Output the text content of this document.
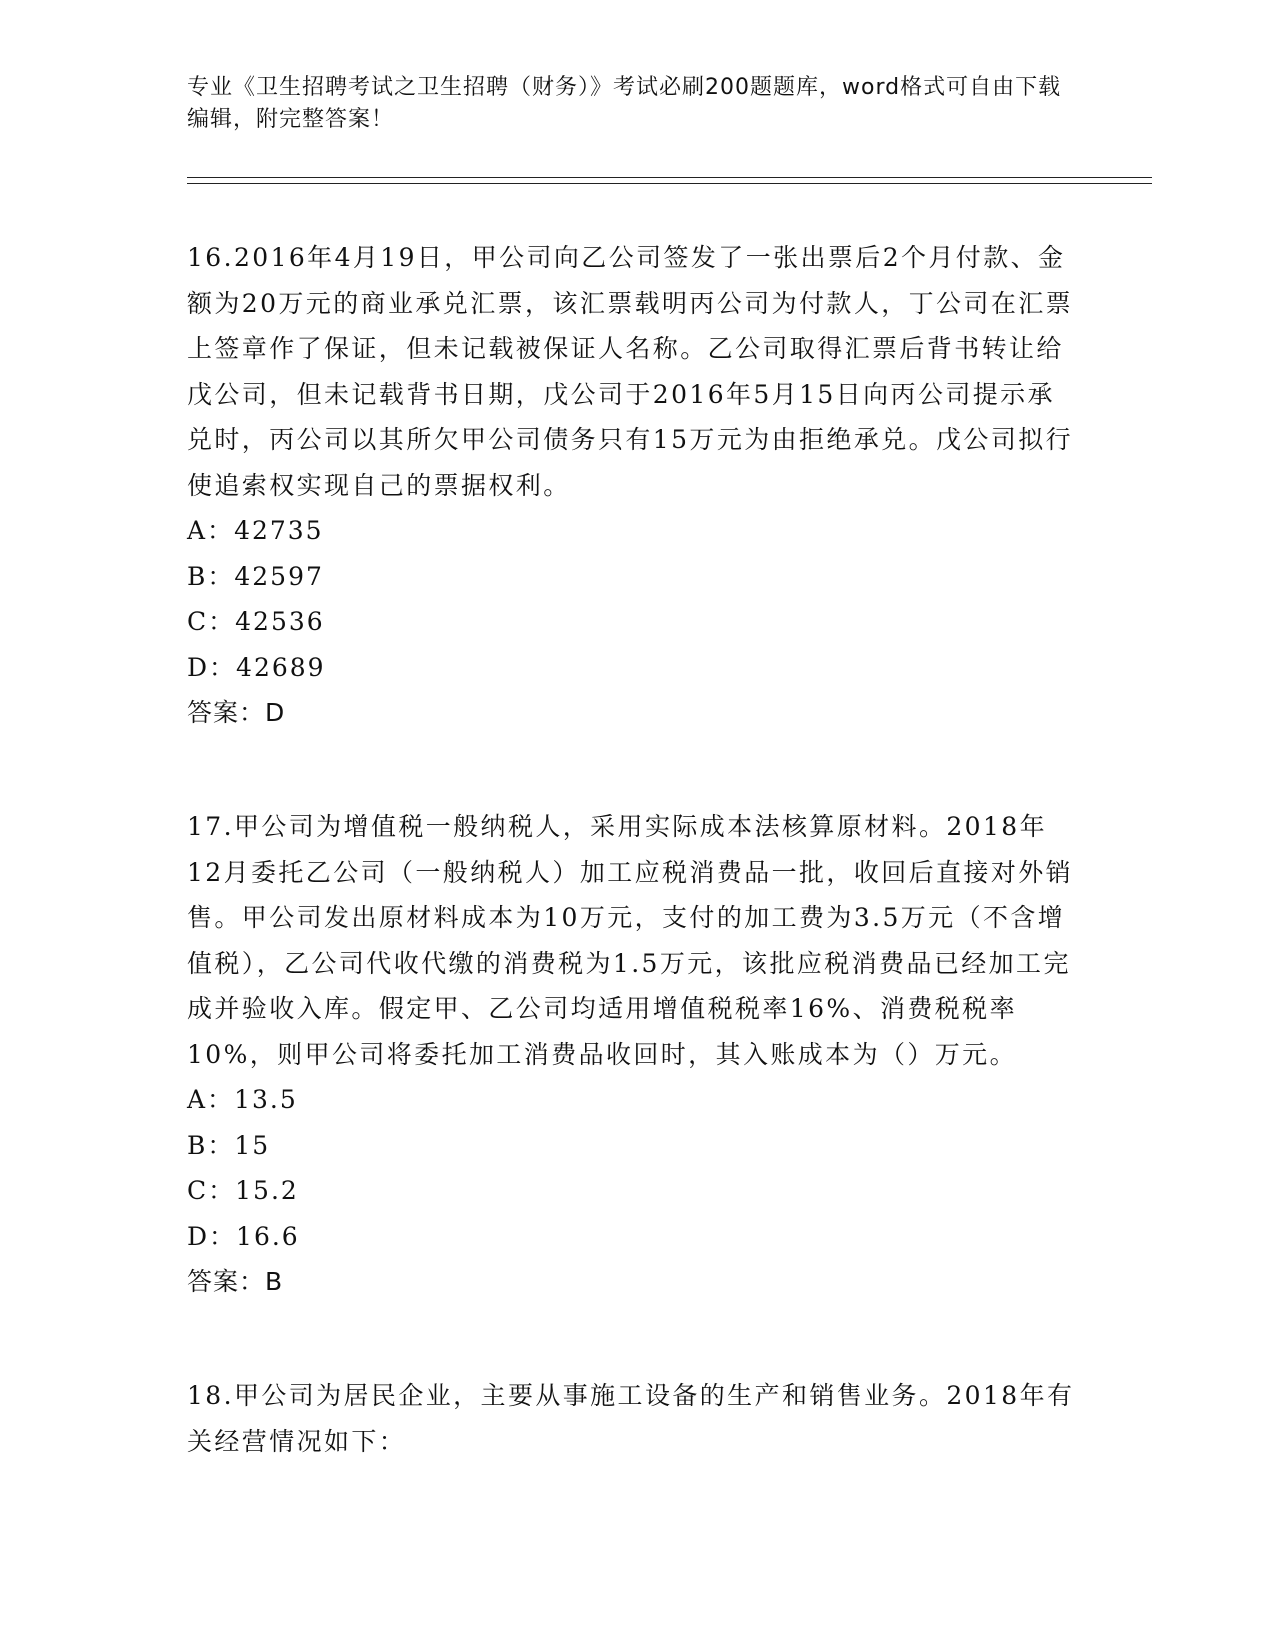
专业《卫生招聘考试之卫生招聘（财务）》考试必刷200题题库，word格式可自由下载编辑，附完整答案！

16.2016年4月19日，甲公司向乙公司签发了一张出票后2个月付款、金额为20万元的商业承兑汇票，该汇票载明丙公司为付款人，丁公司在汇票上签章作了保证，但未记载被保证人名称。乙公司取得汇票后背书转让给戊公司，但未记载背书日期，戊公司于2016年5月15日向丙公司提示承兑时，丙公司以其所欠甲公司债务只有15万元为由拒绝承兑。戊公司拟行使追索权实现自己的票据权利。

A：42735
B：42597
C：42536
D：42689

答案：D

17.甲公司为增值税一般纳税人，采用实际成本法核算原材料。2018年12月委托乙公司（一般纳税人）加工应税消费品一批，收回后直接对外销售。甲公司发出原材料成本为10万元，支付的加工费为3.5万元（不含增值税），乙公司代收代缴的消费税为1.5万元，该批应税消费品已经加工完成并验收入库。假定甲、乙公司均适用增值税税率16%、消费税税率10%，则甲公司将委托加工消费品收回时，其入账成本为（）万元。

A：13.5
B：15
C：15.2
D：16.6

答案：B

18.甲公司为居民企业，主要从事施工设备的生产和销售业务。2018年有关经营情况如下：
